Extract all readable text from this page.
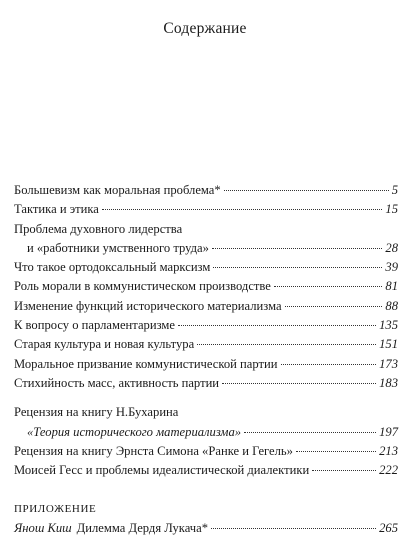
Содержание
Большевизм как моральная проблема*	5
Тактика и этика	15
Проблема духовного лидерства
и «работники умственного труда»	28
Что такое ортодоксальный марксизм	39
Роль морали в коммунистическом производстве	81
Изменение функций исторического материализма	88
К вопросу о парламентаризме	135
Старая культура и новая культура	151
Моральное призвание коммунистической партии	173
Стихийность масс, активность партии	183
Рецензия на книгу Н.Бухарина
«Теория исторического материализма»	197
Рецензия на книгу Эрнста Симона «Ранке и Гегель»	213
Моисей Гесс и проблемы идеалистической диалектики	222
ПРИЛОЖЕНИЕ
Янош Киш Дилемма Дердя Лукача*	265
